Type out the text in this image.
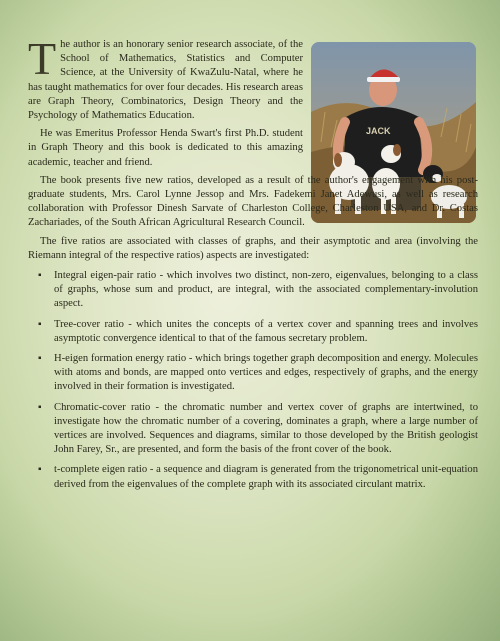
JACK

The author is an honorary senior research associate, of the School of Mathematics, Statistics and Computer Science, at the University of KwaZulu-Natal, where he has taught mathematics for over four decades. His research areas are Graph Theory, Combinatorics, Design Theory and the Psychology of Mathematics Education.

He was Emeritus Professor Henda Swart's first Ph.D. student in Graph Theory and this book is dedicated to this amazing academic, teacher and friend.

The book presents five new ratios, developed as a result of the author's engagement with his post-graduate students, Mrs. Carol Lynne Jessop and Mrs. Fadekemi Janet Adewusi, as well as research collaboration with Professor Dinesh Sarvate of Charleston College, Charleston USA, and Dr. Costas Zachariades, of the South African Agricultural Research Council.

The five ratios are associated with classes of graphs, and their asymptotic and area (involving the Riemann integral of the respective ratios) aspects are investigated:

▪ Integral eigen-pair ratio - which involves two distinct, non-zero, eigenvalues, belonging to a class of graphs, whose sum and product, are integral, with the associated complementary-involution aspect.
▪ Tree-cover ratio - which unites the concepts of a vertex cover and spanning trees and involves asymptotic convergence identical to that of the famous secretary problem.
▪ H-eigen formation energy ratio - which brings together graph decomposition and energy. Molecules with atoms and bonds, are mapped onto vertices and edges, respectively of graphs, and the energy involved in their formation is investigated.
▪ Chromatic-cover ratio - the chromatic number and vertex cover of graphs are intertwined, to investigate how the chromatic number of a covering, dominates a graph, where a large number of vertices are involved. Sequences and diagrams, similar to those developed by the British geologist John Farey, Sr., are presented, and form the basis of the front cover of the book.
▪ t-complete eigen ratio - a sequence and diagram is generated from the trigonometrical unit-equation derived from the eigenvalues of the complete graph with its associated circulant matrix.
